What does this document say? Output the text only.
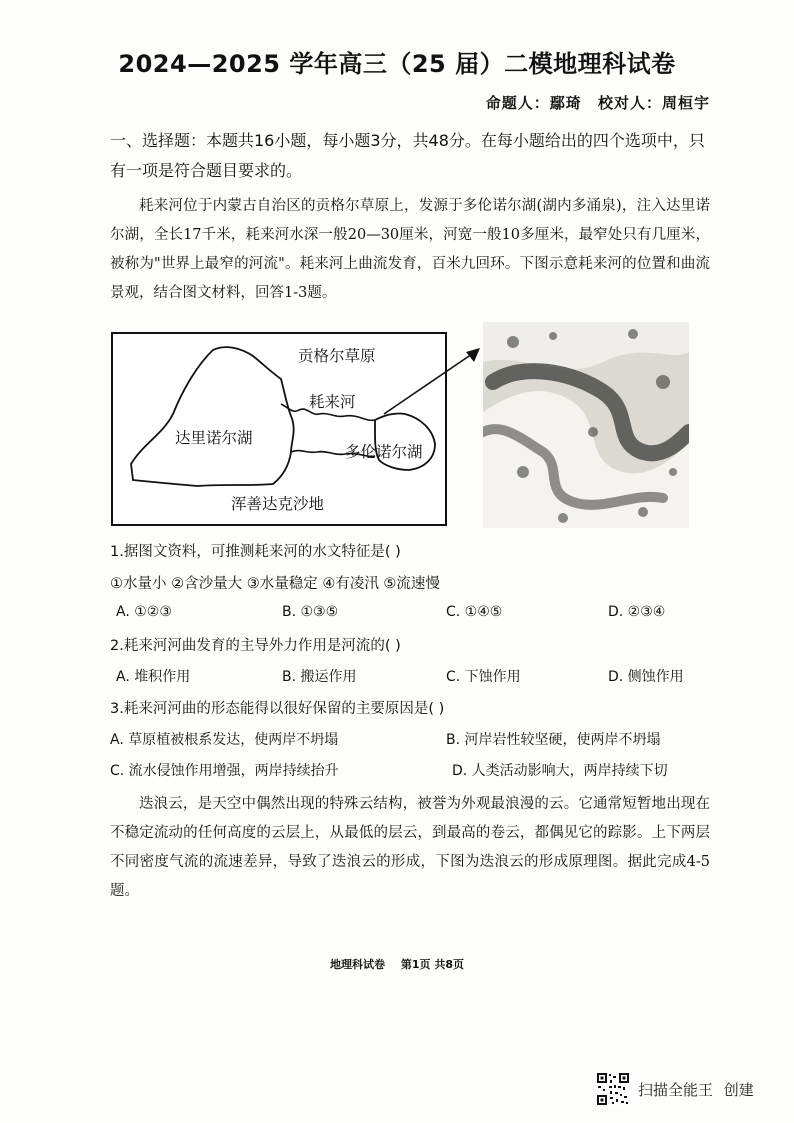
2024—2025 学年高三（25 届）二模地理科试卷
命题人：鄢琦 校对人：周桓宇
一、选择题：本题共16小题，每小题3分，共48分。在每小题给出的四个选项中，只
有一项是符合题目要求的。
耗来河位于内蒙古自治区的贡格尔草原上，发源于多伦诺尔湖(湖内多涌泉)，注入达里诺尔湖，全长17千米，耗来河水深一般20—30厘米，河宽一般10多厘米，最窄处只有几厘米，被称为"世界上最窄的河流"。耗来河上曲流发育，百米九回环。下图示意耗来河的位置和曲流景观，结合图文材料，回答1-3题。
贡格尔草原
耗来河
达里诺尔湖
多伦诺尔湖
浑善达克沙地
1.据图文资料，可推测耗来河的水文特征是( )
①水量小 ②含沙量大 ③水量稳定 ④有凌汛 ⑤流速慢
A. ①②③	B. ①③⑤	C. ①④⑤	D. ②③④
2.耗来河河曲发育的主导外力作用是河流的( )
A. 堆积作用	B. 搬运作用	C. 下蚀作用	D. 侧蚀作用
3.耗来河河曲的形态能得以很好保留的主要原因是( )
A. 草原植被根系发达，使两岸不坍塌	B. 河岸岩性较坚硬，使两岸不坍塌
C. 流水侵蚀作用增强，两岸持续抬升	D. 人类活动影响大，两岸持续下切
迭浪云，是天空中偶然出现的特殊云结构，被誉为外观最浪漫的云。它通常短暂地出现在不稳定流动的任何高度的云层上，从最低的层云，到最高的卷云，都偶见它的踪影。上下两层不同密度气流的流速差异，导致了迭浪云的形成，下图为迭浪云的形成原理图。据此完成4-5题。
地理科试卷 第1页 共8页
扫描全能王 创建
